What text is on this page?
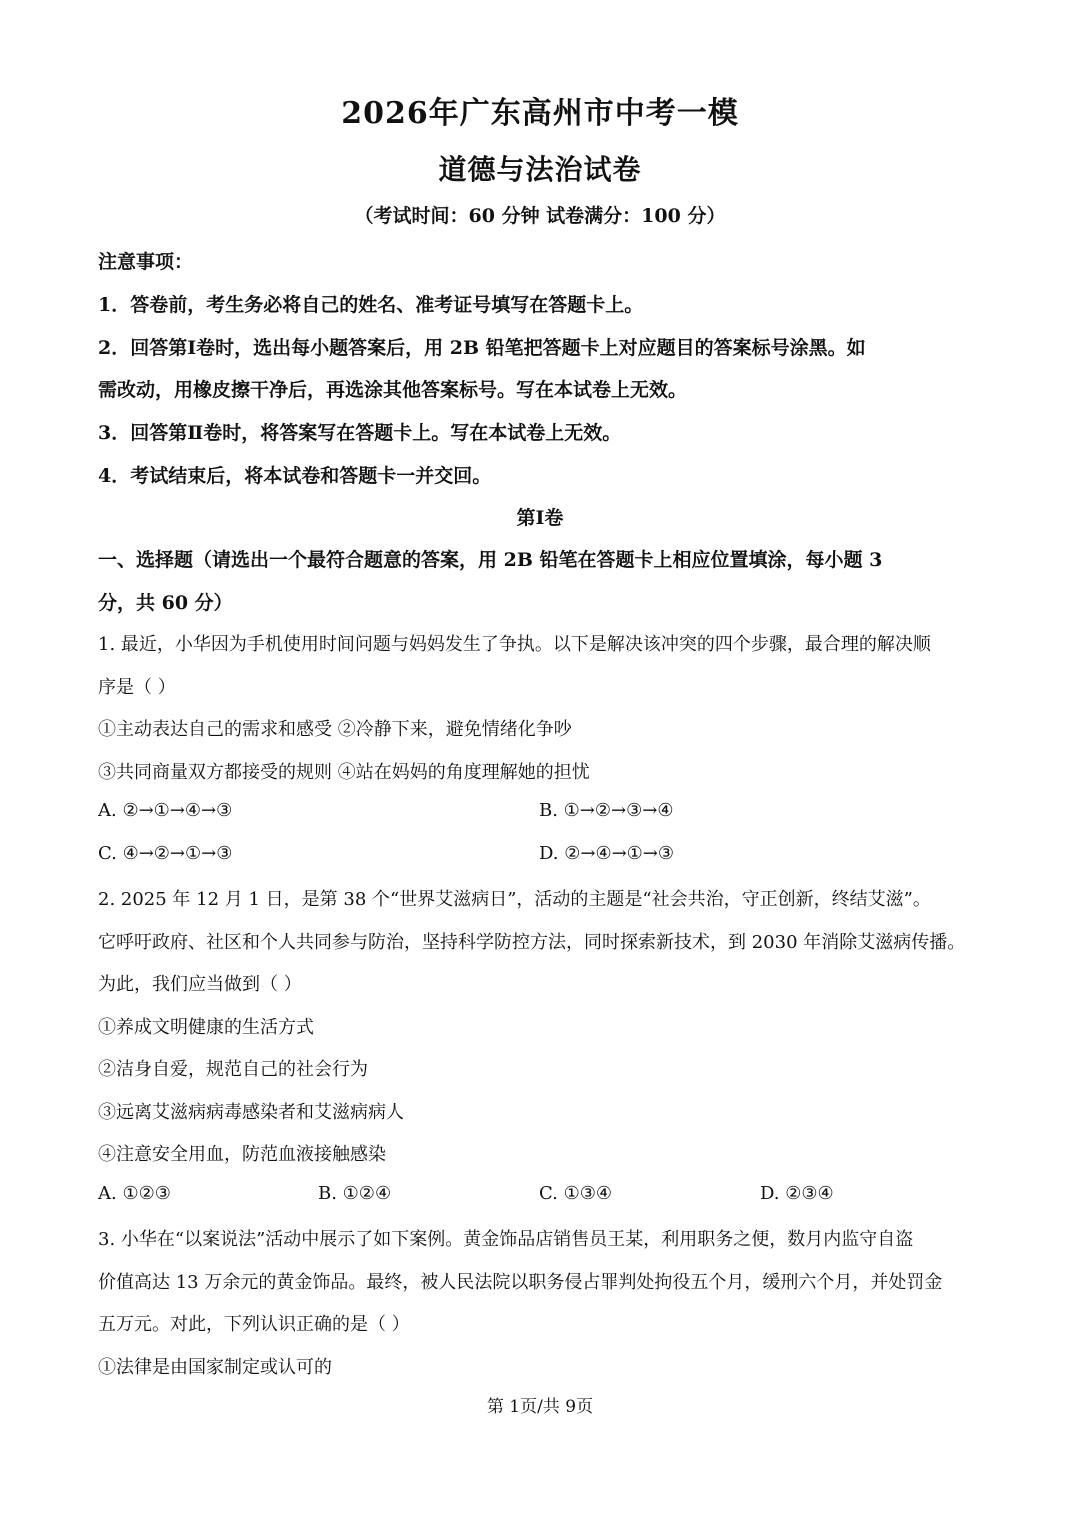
2026年广东高州市中考一模
道德与法治试卷
（考试时间：60 分钟 试卷满分：100 分）
注意事项：
1．答卷前，考生务必将自己的姓名、准考证号填写在答题卡上。
2．回答第Ⅰ卷时，选出每小题答案后，用 2B 铅笔把答题卡上对应题目的答案标号涂黑。如
需改动，用橡皮擦干净后，再选涂其他答案标号。写在本试卷上无效。
3．回答第Ⅱ卷时，将答案写在答题卡上。写在本试卷上无效。
4．考试结束后，将本试卷和答题卡一并交回。
第Ⅰ卷
一、选择题（请选出一个最符合题意的答案，用 2B 铅笔在答题卡上相应位置填涂，每小题 3
分，共 60 分）
1. 最近，小华因为手机使用时间问题与妈妈发生了争执。以下是解决该冲突的四个步骤，最合理的解决顺
序是（ ）
①主动表达自己的需求和感受 ②冷静下来，避免情绪化争吵
③共同商量双方都接受的规则 ④站在妈妈的角度理解她的担忧
A. ②→①→④→③	B. ①→②→③→④
C. ④→②→①→③	D. ②→④→①→③
2. 2025 年 12 月 1 日，是第 38 个“世界艾滋病日”，活动的主题是“社会共治，守正创新，终结艾滋”。
它呼吁政府、社区和个人共同参与防治，坚持科学防控方法，同时探索新技术，到 2030 年消除艾滋病传播。
为此，我们应当做到（ ）
①养成文明健康的生活方式
②洁身自爱，规范自己的社会行为
③远离艾滋病病毒感染者和艾滋病病人
④注意安全用血，防范血液接触感染
A. ①②③	B. ①②④	C. ①③④	D. ②③④
3. 小华在“以案说法”活动中展示了如下案例。黄金饰品店销售员王某，利用职务之便，数月内监守自盗
价值高达 13 万余元的黄金饰品。最终，被人民法院以职务侵占罪判处拘役五个月，缓刑六个月，并处罚金
五万元。对此，下列认识正确的是（ ）
①法律是由国家制定或认可的
第 1页/共 9页
